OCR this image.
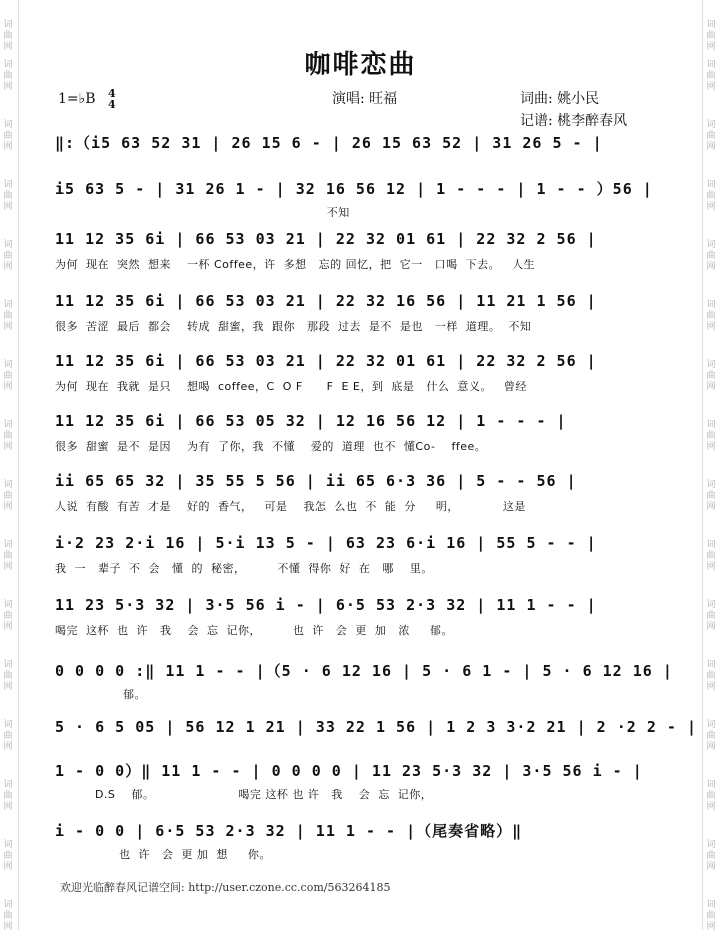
词
曲
网
词
曲
网
词
曲
网
词
曲
网
词
曲
网
词
曲
网
词
曲
网
词
曲
网
词
曲
网
词
曲
网
词
曲
网
词
曲
网
词
曲
网
词
曲
网
词
曲
网
词
曲
网
词
曲
网
词
曲
网
词
曲
网
词
曲
网
词
曲
网
词
曲
网
词
曲
网
词
曲
网
词
曲
网
词
曲
网
词
曲
网
词
曲
网
词
曲
网
词
曲
网
词
曲
网
词
曲
网
咖啡恋曲
1=♭B 4
4	演唱: 旺福	词曲: 姚小民
记谱: 桃李醉春风
‖:（i5 63 52 31 | 26 15 6 - | 26 15 63 52 | 31 26 5 - |
i5 63 5 - | 31 26 1 - | 32 16 56 12 | 1 - - - | 1 - - ）56 |
不知
11 12 35 6i | 66 53 03 21 | 22 32 01 61 | 22 32 2 56 |
为何  现在  突然  想来    一杯 Coffee，许  多想   忘的 回忆，把  它一   口喝  下去。   人生
11 12 35 6i | 66 53 03 21 | 22 32 16 56 | 11 21 1 56 |
很多  苦涩  最后  都会    转成  甜蜜，我  跟你   那段  过去  是不  是也   一样  道理。  不知
11 12 35 6i | 66 53 03 21 | 22 32 01 61 | 22 32 2 56 |
为何  现在  我就  是只    想喝  coffee，C  O F      F  E E，到  底是   什么  意义。   曾经
11 12 35 6i | 66 53 05 32 | 12 16 56 12 | 1 - - - |
很多  甜蜜  是不  是因    为有  了你，我  不懂    爱的  道理  也不  懂Co-    ffee。
ii 65 65 32 | 35 55 5 56 | ii 65 6·3 36 | 5 - - 56 |
人说  有酸  有苦  才是    好的  香气，   可是    我怎  么也  不  能  分     明，           这是
i·2 23 2·i 16 | 5·i 13 5 - | 63 23 6·i 16 | 55 5 - - |
我  一   辈子  不  会   懂  的  秘密，        不懂  得你  好  在   哪    里。
11 23 5·3 32 | 3·5 56 i - | 6·5 53 2·3 32 | 11 1 - - |
喝完  这杯  也  许   我    会  忘  记你，        也  许   会  更  加   浓     郁。
0 0 0 0 :‖ 11 1 - - |（5 · 6 12 16 | 5 · 6 1 - | 5 · 6 12 16 |
郁。
5 · 6 5 05 | 56 12 1 21 | 33 22 1 56 | 1 2 3 3·2 21 | 2 ·2 2 - |
1 - 0 0）‖ 11 1 - - | 0 0 0 0 | 11 23 5·3 32 | 3·5 56 i - |
D.S    郁。                     喝完 这杯 也 许   我    会  忘  记你，
i - 0 0 | 6·5 53 2·3 32 | 11 1 - - |（尾奏省略）‖
也  许   会  更 加  想     你。
欢迎光临醉春风记谱空间: http://user.czone.cc.com/563264185
